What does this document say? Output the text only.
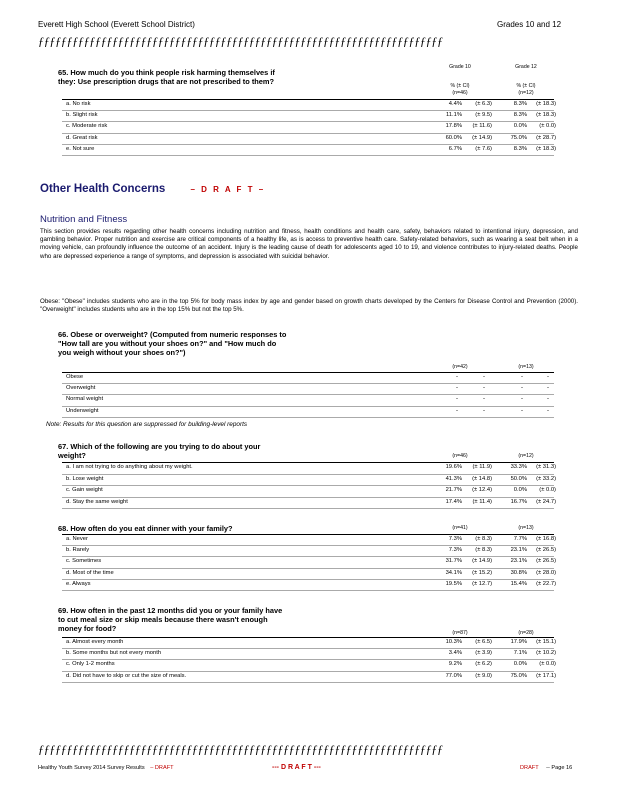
Everett High School (Everett School District)	Grades 10 and 12
ƒƒƒƒƒƒƒƒƒƒƒƒƒƒƒƒƒƒƒƒƒƒƒƒƒƒƒƒƒƒƒƒƒƒƒƒƒƒƒƒƒƒƒƒƒƒƒƒƒƒƒƒƒƒƒƒƒƒƒƒƒƒƒƒƒƒƒƒƒƒƒ
65. How much do you think people risk harming themselves if they: Use prescription drugs that are not prescribed to them?
Grade 10	Grade 12
% (± CI)	% (± CI)
(n=46)	(n=12)
a. No risk	4.4%	(± 6.3)	8.3%	(± 18.3)
b. Slight risk	11.1%	(± 9.5)	8.3%	(± 18.3)
c. Moderate risk	17.8%	(± 11.6)	0.0%	(± 0.0)
d. Great risk	60.0%	(± 14.9)	75.0%	(± 28.7)
e. Not sure	6.7%	(± 7.6)	8.3%	(± 18.3)
Other Health Concerns	– D R A F T –
Nutrition and Fitness
This section provides results regarding other health concerns including nutrition and fitness, health conditions and health care, safety, behaviors related to intentional injury, depression, and gambling behavior. Proper nutrition and exercise are critical components of a healthy life, as is access to preventive health care. Safety-related behaviors, such as wearing a seat belt when in a moving vehicle, can profoundly influence the outcome of an accident. Injury is the leading cause of death for adolescents aged 10 to 19, and violence contributes to injury-related deaths. People who are depressed experience a range of symptoms, and depression is associated with suicidal behavior.
Obese: "Obese" includes students who are in the top 5% for body mass index by age and gender based on growth charts developed by the Centers for Disease Control and Prevention (2000). "Overweight" includes students who are in the top 15% but not the top 5%.
66. Obese or overweight? (Computed from numeric responses to "How tall are you without your shoes on?" and "How much do you weigh without your shoes on?")
(n=42)	(n=13)
Obese	-	-	-	-
Overweight	-	-	-	-
Normal weight	-	-	-	-
Underweight	-	-	-	-
Note: Results for this question are suppressed for building-level reports
67. Which of the following are you trying to do about your weight?	(n=46)	(n=12)
a. I am not trying to do anything about my weight.	19.6%	(± 11.9)	33.3%	(± 31.3)
b. Lose weight	41.3%	(± 14.8)	50.0%	(± 33.2)
c. Gain weight	21.7%	(± 12.4)	0.0%	(± 0.0)
d. Stay the same weight	17.4%	(± 11.4)	16.7%	(± 24.7)
68. How often do you eat dinner with your family?	(n=41)	(n=13)
a. Never	7.3%	(± 8.3)	7.7%	(± 16.8)
b. Rarely	7.3%	(± 8.3)	23.1%	(± 26.5)
c. Sometimes	31.7%	(± 14.9)	23.1%	(± 26.5)
d. Most of the time	34.1%	(± 15.2)	30.8%	(± 28.0)
e. Always	19.5%	(± 12.7)	15.4%	(± 22.7)
69. How often in the past 12 months did you or your family have to cut meal size or skip meals because there wasn't enough money for food?	(n=87)	(n=28)
a. Almost every month	10.3%	(± 6.5)	17.9%	(± 15.1)
b. Some months but not every month	3.4%	(± 3.9)	7.1%	(± 10.2)
c. Only 1-2 months	9.2%	(± 6.2)	0.0%	(± 0.0)
d. Did not have to skip or cut the size of meals.	77.0%	(± 9.0)	75.0%	(± 17.1)
ƒƒƒƒƒƒƒƒƒƒƒƒƒƒƒƒƒƒƒƒƒƒƒƒƒƒƒƒƒƒƒƒƒƒƒƒƒƒƒƒƒƒƒƒƒƒƒƒƒƒƒƒƒƒƒƒƒƒƒƒƒƒƒƒƒƒƒƒƒƒƒ
Healthy Youth Survey 2014 Survey Results – DRAFT	--- D R A F T ---	DRAFT -- Page 16
